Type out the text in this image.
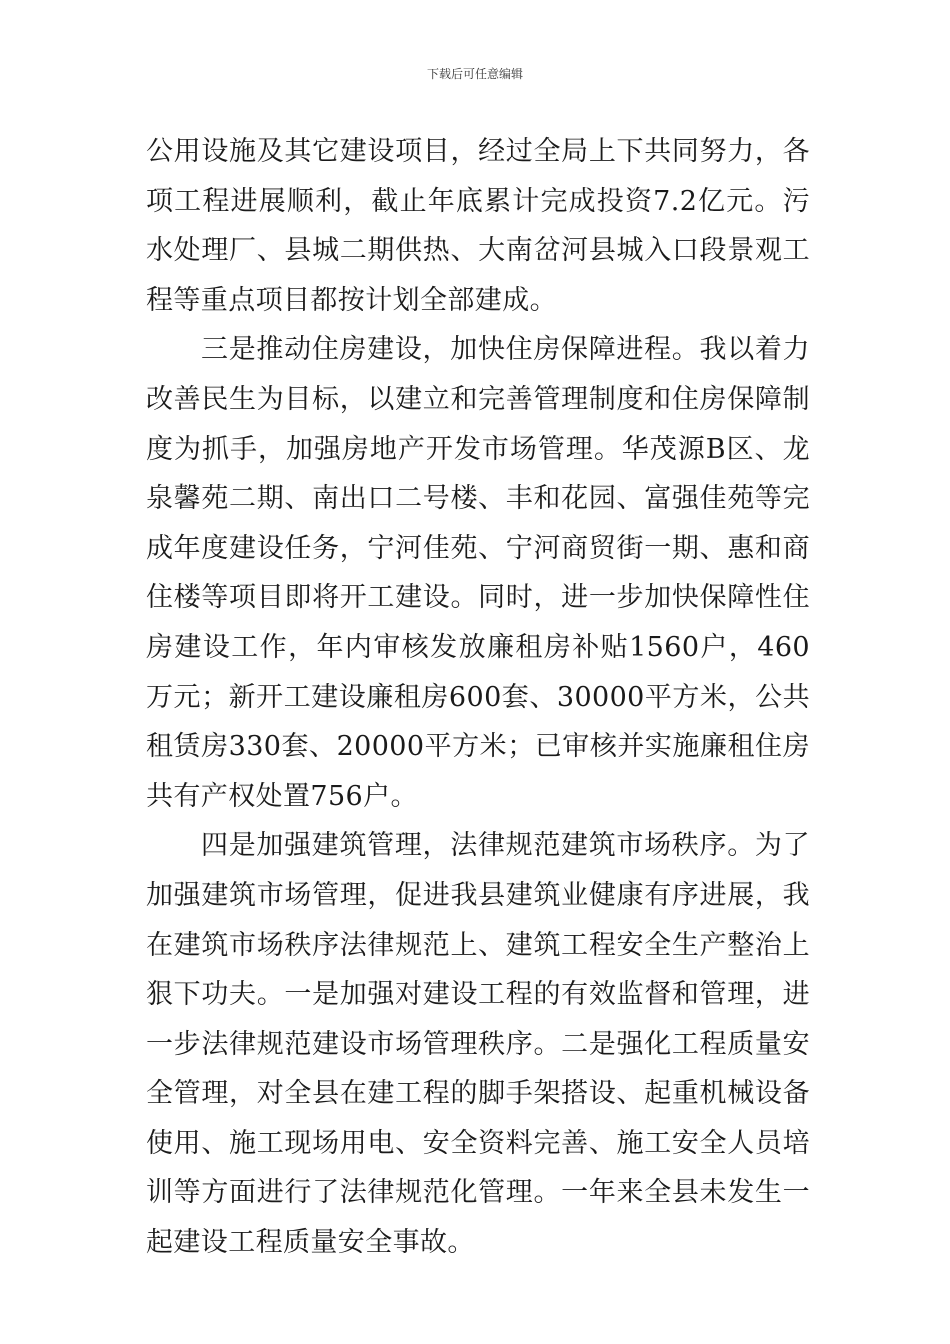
下载后可任意编辑

公用设施及其它建设项目，经过全局上下共同努力，各项工程进展顺利，截止年底累计完成投资7.2亿元。污水处理厂、县城二期供热、大南岔河县城入口段景观工程等重点项目都按计划全部建成。

三是推动住房建设，加快住房保障进程。我以着力改善民生为目标，以建立和完善管理制度和住房保障制度为抓手，加强房地产开发市场管理。华茂源B区、龙泉馨苑二期、南出口二号楼、丰和花园、富强佳苑等完成年度建设任务，宁河佳苑、宁河商贸街一期、惠和商住楼等项目即将开工建设。同时，进一步加快保障性住房建设工作，年内审核发放廉租房补贴1560户，460万元；新开工建设廉租房600套、30000平方米，公共租赁房330套、20000平方米；已审核并实施廉租住房共有产权处置756户。

四是加强建筑管理，法律规范建筑市场秩序。为了加强建筑市场管理，促进我县建筑业健康有序进展，我在建筑市场秩序法律规范上、建筑工程安全生产整治上狠下功夫。一是加强对建设工程的有效监督和管理，进一步法律规范建设市场管理秩序。二是强化工程质量安全管理，对全县在建工程的脚手架搭设、起重机械设备使用、施工现场用电、安全资料完善、施工安全人员培训等方面进行了法律规范化管理。一年来全县未发生一起建设工程质量安全事故。
